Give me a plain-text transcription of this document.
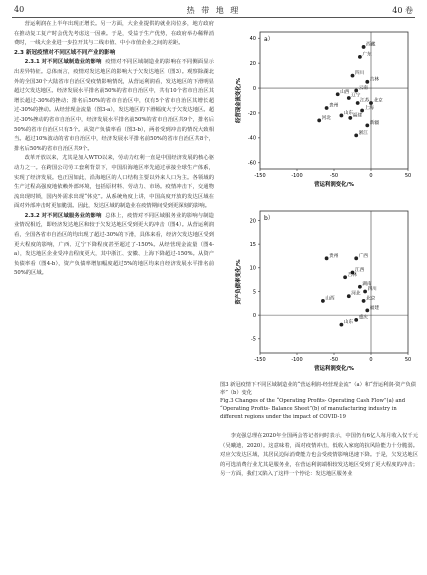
40	热 带 地 理	40 卷

营运利润在上半年出现正增长。另一方面，大企业提供的就业岗位多，地方政府在推动复工复产时会优先考虑这一因素。于是，受益于生产优势，在政府举办稀释消费时，一线大企业进一步拉开其与二线市值、中小市值企业之间的差距。

2.3 新冠疫情对不同区域不同产业的影响

2.3.1 对不同区域制造业的影响 疫情对不同区域制造业的影响在不同侧面显示出差异特征。总体而言，疫情对发达地区的影响大于欠发达地区（图3）。观察除湖北外的全国30个大陆省市自治区受疫情影响情况，从营运利润看，发达地区的下滑明显超过欠发达地区。经济发展水平排名前50%的省市自治区中，共有10个省市自治区其增长超过-30%的挫动；排名后50%的省市自治区中，仅有5个省市自治区其增长超过-30%的挫动。从经营现金流量（图3-a），发达地区的下滑幅度大于欠发达地区。超过-30%挫动的省市自治区中，经济发展水平排名前50%的省市自治区共9个，排名后50%的省市自治区只有5个。从资产负债率看（图3-b），两者受到冲击的情况大致相当。超过10%波动的省市自治区中，经济发展水平排名前50%的省市自治区共8个，排名后50%的省市自治区共9个。

改革开放以来，尤其是加入WTO以来，劳动力红利一直是中国经济发展的核心驱动力之一。在跨国公司劳工套利背景下，中国沿海地区率先通过承接全球生产体系，实现了经济发展。也正因如此，沿海地区的人口结构主要以外来人口为主。各领域的生产过程高强度地依赖外部环境，包括原材料、劳动力、市场。疫情冲击下，交通物流出现时锁，国内外需求出现“休克”。从系统角度上讲，中国高度开放的发达区域在面对外部冲击时更加脆弱。因此，发达区域的制造业在疫情期间受到更深刻的影响。

2.3.2 对不同区域服务业的影响 总体上，疫情对不同区域服务业的影响与制造业情况相近，即经济发达地区和较于欠发达地区受到更大的冲击（图4）。从营运利润看，全国各省市自治区的均出现了超过-30%的下滑，具体来看，经济欠发达地区受到更大程度的影响，广西、辽宁下降程度甚至超过了-150%。从经营现金流量（图4-a），发达地区企业受冲击程度更大，其中浙江、安徽、上海下降超过-150%。从资产负债率看（图4-b），资产负债率增加幅度超过5%的地区均来自经济发展水平排名前50%的区域。

a）
-150	-100	-50	0	50
40
20
0
-20
-40
-60
营运利润变化/%
经营现金流变化/%
广东
西藏
云南
辽宁
吉林
四川
江苏
上海
山东
新疆
浙江
山西
贵州
河北	福建
北京

b）
-150	-100	-50	0	50
20
15
10
5
0
-5
营运利润变化/%
资产负债率变化/%
贵州
江西
广西
吉林
湖南
四川
山西
河北
北京
福建
重庆
山东
图3 新冠疫情下不同区域制造业的“营运利润-经营现金流”（a）和“营运利润-资产负债率”（b）变化
Fig.3 Changes of the “Operating Profits- Operating Cash Flow”(a) and “Operating Profits- Balance Sheet”(b) of manufacturing industry in different regions under the impact of COVID-19

李克强总理在2020年全国两会答记者问时表示，中国仍有6亿人每月收入仅千元（吴曦迪，2020）。这意味着，面对疫情冲击，低收入家庭的抗风险能力十分脆弱。对应欠发达区域，其居民边际消费能力也会受疫情影响迅速下降。于是，欠发达地区的可选消费行业尤其是服务业，在营运利润端相较发达地区受到了更大程度的冲击；另一方面，我们又陷入了这样一个悖论：发达地区服务业
